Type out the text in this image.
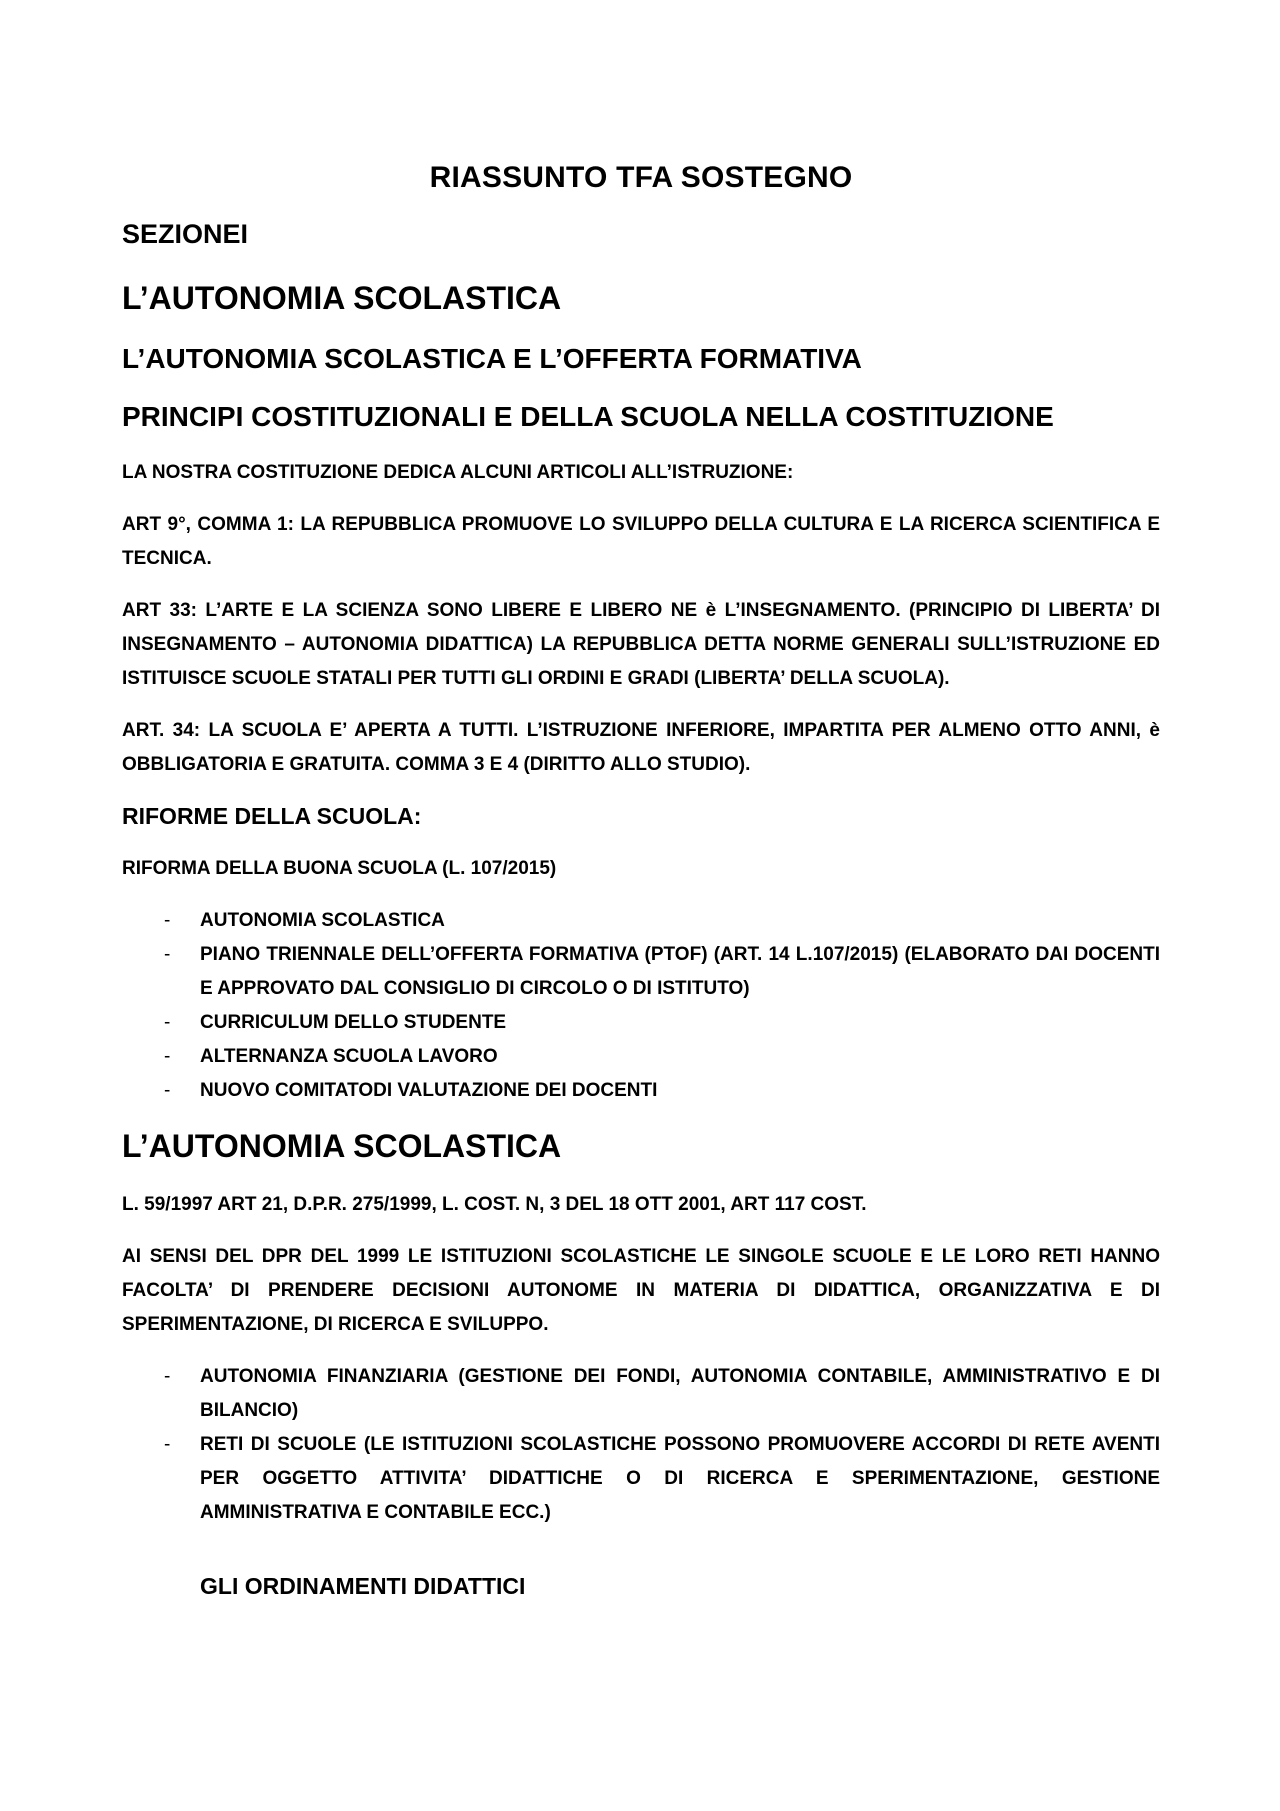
RIASSUNTO TFA SOSTEGNO
SEZIONEI
L’AUTONOMIA SCOLASTICA
L’AUTONOMIA SCOLASTICA E L’OFFERTA FORMATIVA
PRINCIPI COSTITUZIONALI E DELLA SCUOLA NELLA COSTITUZIONE

LA NOSTRA COSTITUZIONE DEDICA ALCUNI ARTICOLI ALL’ISTRUZIONE:

ART 9°, COMMA 1: LA REPUBBLICA PROMUOVE LO SVILUPPO DELLA CULTURA E LA RICERCA SCIENTIFICA E TECNICA.

ART 33: L’ARTE E LA SCIENZA SONO LIBERE E LIBERO NE è L’INSEGNAMENTO. (PRINCIPIO DI LIBERTA’ DI INSEGNAMENTO – AUTONOMIA DIDATTICA) LA REPUBBLICA DETTA NORME GENERALI SULL’ISTRUZIONE ED ISTITUISCE SCUOLE STATALI PER TUTTI GLI ORDINI E GRADI (LIBERTA’ DELLA SCUOLA).

ART. 34: LA SCUOLA E’ APERTA A TUTTI. L’ISTRUZIONE INFERIORE, IMPARTITA PER ALMENO OTTO ANNI, è OBBLIGATORIA E GRATUITA. COMMA 3 E 4 (DIRITTO ALLO STUDIO).

RIFORME DELLA SCUOLA:

RIFORMA DELLA BUONA SCUOLA (L. 107/2015)

- AUTONOMIA SCOLASTICA
- PIANO TRIENNALE DELL’OFFERTA FORMATIVA (PTOF) (ART. 14 L.107/2015) (ELABORATO DAI DOCENTI E APPROVATO DAL CONSIGLIO DI CIRCOLO O DI ISTITUTO)
- CURRICULUM DELLO STUDENTE
- ALTERNANZA SCUOLA LAVORO
- NUOVO COMITATODI VALUTAZIONE DEI DOCENTI
L’AUTONOMIA SCOLASTICA

L. 59/1997 ART 21, D.P.R. 275/1999, L. COST. N, 3 DEL 18 OTT 2001, ART 117 COST.

AI SENSI DEL DPR DEL 1999 LE ISTITUZIONI SCOLASTICHE LE SINGOLE SCUOLE E LE LORO RETI HANNO FACOLTA’ DI PRENDERE DECISIONI AUTONOME IN MATERIA DI DIDATTICA, ORGANIZZATIVA E DI SPERIMENTAZIONE, DI RICERCA E SVILUPPO.

- AUTONOMIA FINANZIARIA (GESTIONE DEI FONDI, AUTONOMIA CONTABILE, AMMINISTRATIVO E DI BILANCIO)
- RETI DI SCUOLE (LE ISTITUZIONI SCOLASTICHE POSSONO PROMUOVERE ACCORDI DI RETE AVENTI PER OGGETTO ATTIVITA’ DIDATTICHE O DI RICERCA E SPERIMENTAZIONE, GESTIONE AMMINISTRATIVA E CONTABILE ECC.)
GLI ORDINAMENTI DIDATTICI
